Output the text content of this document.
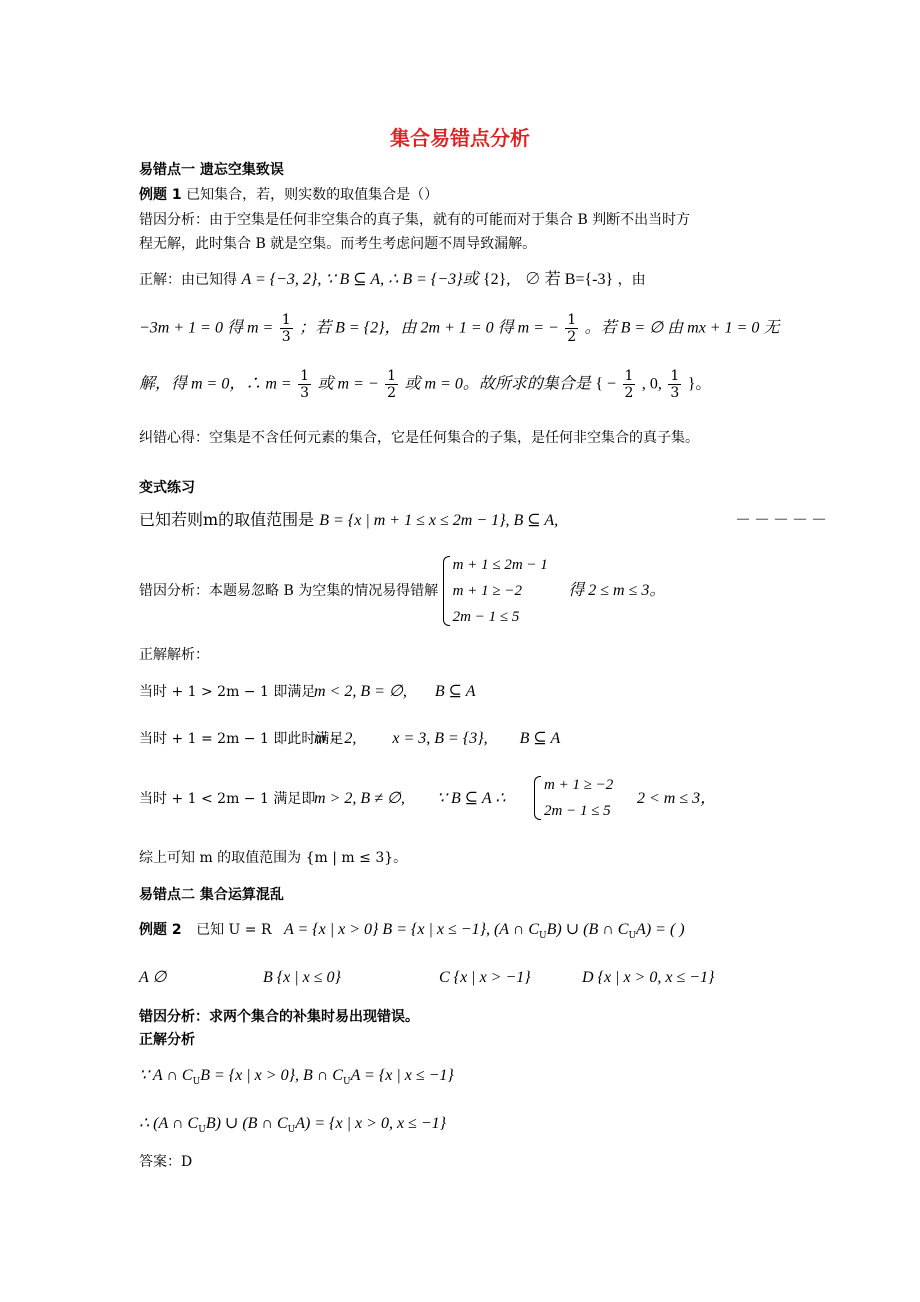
集合易错点分析
易错点一 遗忘空集致误
例题 1 已知集合，若，则实数的取值集合是（）
错因分析：由于空集是任何非空集合的真子集，就有的可能而对于集合 B 判断不出当时方
程无解，此时集合 B 就是空集。而考生考虑问题不周导致漏解。
正解：由已知得 A = {−3, 2}, ∵ B ⊆ A, ∴ B = {−3}或 {2}, ∅ 若 B={-3} ，由
−3m + 1 = 0 得 $m = \frac{1}{3}$ ；若 B = {2}，由 2m + 1 = 0 得 m = − $\frac{1}{2}$ 。若 B = ∅ 由 mx + 1 = 0 无
解，得 m = 0，∴ $m = \frac{1}{3}$ 或 m = − $\frac{1}{2}$ 或 m = 0。故所求的集合是 { − $\frac{1}{2}$ , 0, $\frac{1}{3}$ }。
纠错心得：空集是不含任何元素的集合，它是任何集合的子集，是任何非空集合的真子集。
变式练习
已知若则m的取值范围是 B = {x | m + 1 ≤ x ≤ 2m − 1}, B ⊆ A,	－－－－－
错因分析：本题易忽略 B 为空集的情况易得错解
m + 1 ≤ 2m − 1
m + 1 ≥ −2
2m − 1 ≤ 5
得 2 ≤ m ≤ 3。
正解解析：
当时 + 1 > 2m − 1 即满足
m < 2, B = ∅,       B ⊆ A
当时 + 1 = 2m − 1 即此时满足
m = 2,         x = 3, B = {3},        B ⊆ A
当时 + 1 < 2m − 1 满足即
m > 2, B ≠ ∅,        ∵ B ⊆ A ∴
m + 1 ≥ −2
2m − 1 ≤ 5
2 < m ≤ 3，
综上可知 m 的取值范围为 {m | m ≤ 3}。
易错点二 集合运算混乱
例题 2 已知 U = R A = {x | x > 0} B = {x | x ≤ −1}, (A ∩ $C_UB$) ∪ (B ∩ $C_UA$) = ( )
A ∅	B {x | x ≤ 0}	C {x | x > −1}	D {x | x > 0, x ≤ −1}
错因分析：求两个集合的补集时易出现错误。
正解分析
∵ A ∩ $C_UB = \{x$ | x > 0}, B ∩ $C_UA = \{x$ | x ≤ −1}
∴ (A ∩ $C_UB$) ∪ (B ∩ $C_UA) = \{x$ | x > 0, x ≤ −1}
答案：D
